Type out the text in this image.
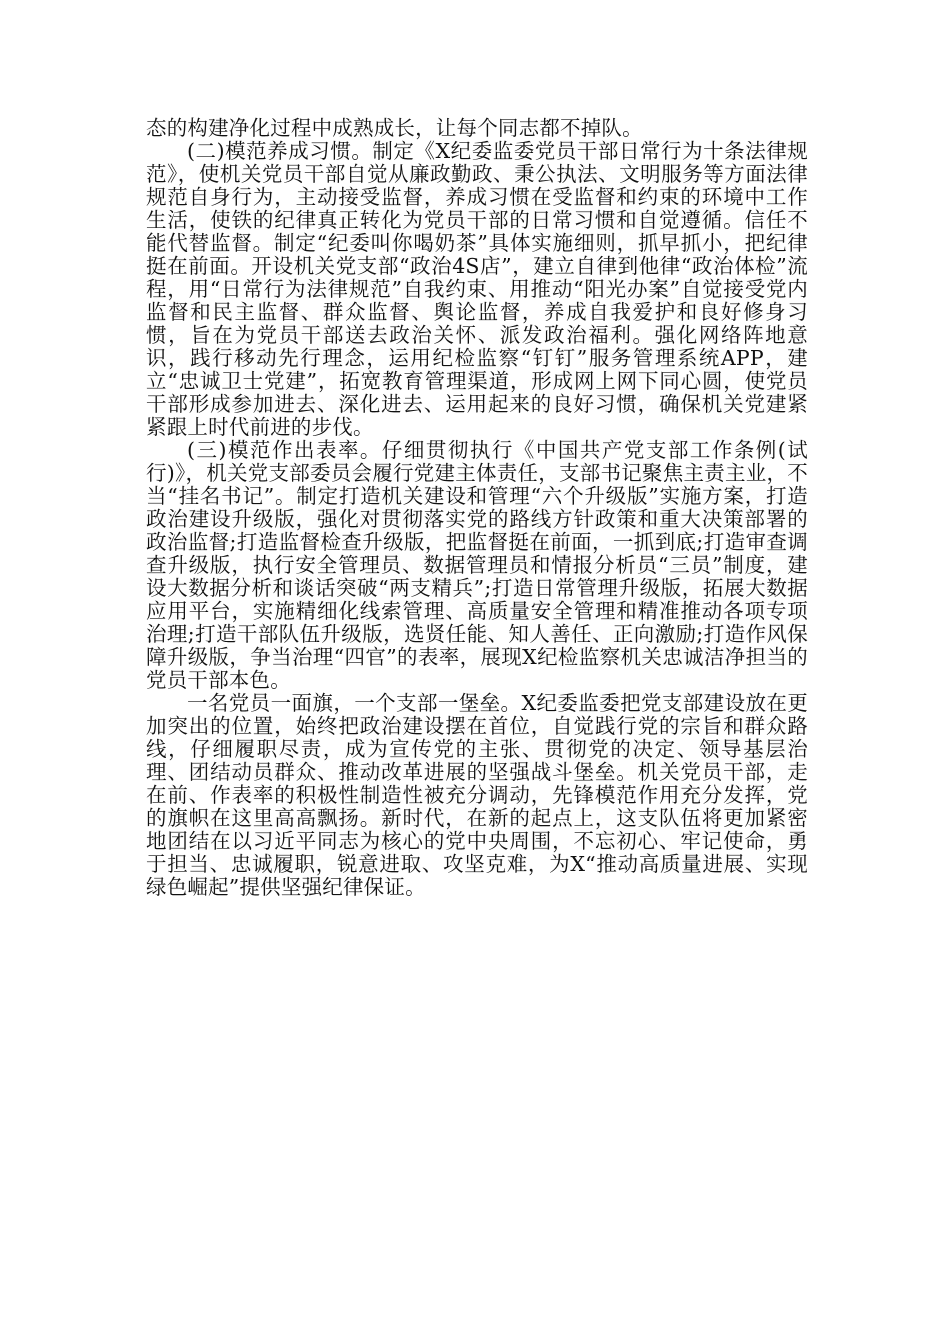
态的构建净化过程中成熟成长，让每个同志都不掉队。

(二)模范养成习惯。制定《X纪委监委党员干部日常行为十条法律规范》，使机关党员干部自觉从廉政勤政、秉公执法、文明服务等方面法律规范自身行为，主动接受监督，养成习惯在受监督和约束的环境中工作生活，使铁的纪律真正转化为党员干部的日常习惯和自觉遵循。信任不能代替监督。制定“纪委叫你喝奶茶”具体实施细则，抓早抓小，把纪律挺在前面。开设机关党支部“政治4S店”，建立自律到他律“政治体检”流程，用“日常行为法律规范”自我约束、用推动“阳光办案”自觉接受党内监督和民主监督、群众监督、舆论监督，养成自我爱护和良好修身习惯，旨在为党员干部送去政治关怀、派发政治福利。强化网络阵地意识，践行移动先行理念，运用纪检监察“钉钉”服务管理系统APP，建立“忠诚卫士党建”，拓宽教育管理渠道，形成网上网下同心圆，使党员干部形成参加进去、深化进去、运用起来的良好习惯，确保机关党建紧紧跟上时代前进的步伐。

(三)模范作出表率。仔细贯彻执行《中国共产党支部工作条例(试行)》，机关党支部委员会履行党建主体责任，支部书记聚焦主责主业，不当“挂名书记”。制定打造机关建设和管理“六个升级版”实施方案，打造政治建设升级版，强化对贯彻落实党的路线方针政策和重大决策部署的政治监督;打造监督检查升级版，把监督挺在前面，一抓到底;打造审查调查升级版，执行安全管理员、数据管理员和情报分析员“三员”制度，建设大数据分析和谈话突破“两支精兵”;打造日常管理升级版，拓展大数据应用平台，实施精细化线索管理、高质量安全管理和精准推动各项专项治理;打造干部队伍升级版，选贤任能、知人善任、正向激励;打造作风保障升级版，争当治理“四官”的表率，展现X纪检监察机关忠诚洁净担当的党员干部本色。

一名党员一面旗，一个支部一堡垒。X纪委监委把党支部建设放在更加突出的位置，始终把政治建设摆在首位，自觉践行党的宗旨和群众路线，仔细履职尽责，成为宣传党的主张、贯彻党的决定、领导基层治理、团结动员群众、推动改革进展的坚强战斗堡垒。机关党员干部，走在前、作表率的积极性制造性被充分调动，先锋模范作用充分发挥，党的旗帜在这里高高飘扬。新时代，在新的起点上，这支队伍将更加紧密地团结在以习近平同志为核心的党中央周围，不忘初心、牢记使命，勇于担当、忠诚履职，锐意进取、攻坚克难，为X“推动高质量进展、实现绿色崛起”提供坚强纪律保证。
